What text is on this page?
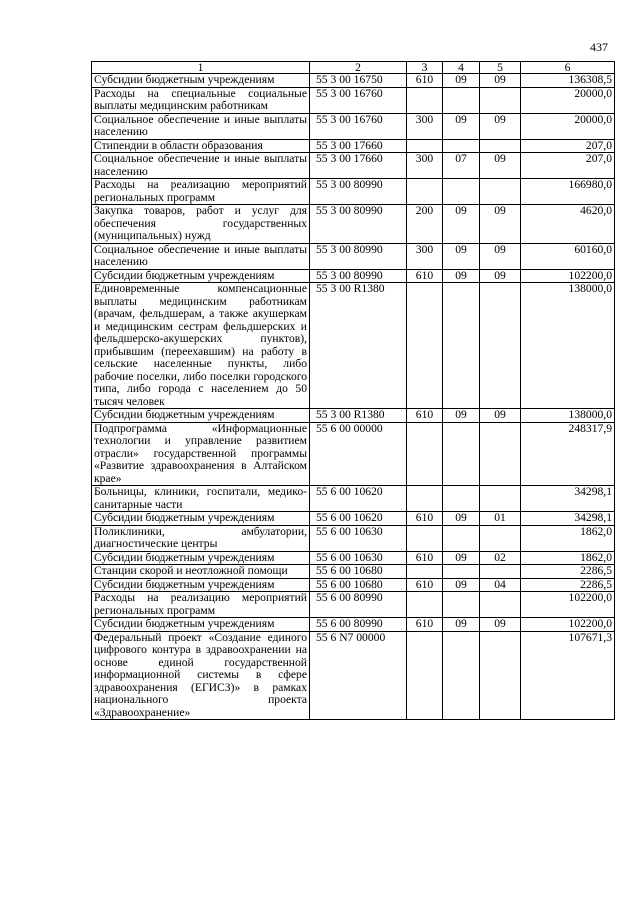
437
1	2	3	4	5	6
Субсидии бюджетным учреждениям	55 3 00 16750	610	09	09	136308,5
Расходы на специальные социальные выплаты медицинским работникам	55 3 00 16760				20000,0
Социальное обеспечение и иные выплаты населению	55 3 00 16760	300	09	09	20000,0
Стипендии в области образования	55 3 00 17660				207,0
Социальное обеспечение и иные выплаты населению	55 3 00 17660	300	07	09	207,0
Расходы на реализацию мероприятий региональных программ	55 3 00 80990				166980,0
Закупка товаров, работ и услуг для обеспечения государственных (муниципальных) нужд	55 3 00 80990	200	09	09	4620,0
Социальное обеспечение и иные выплаты населению	55 3 00 80990	300	09	09	60160,0
Субсидии бюджетным учреждениям	55 3 00 80990	610	09	09	102200,0
Единовременные компенсационные выплаты медицинским работникам (врачам, фельдшерам, а также акушеркам и медицинским сестрам фельдшерских и фельдшерско-акушерских пунктов), прибывшим (переехавшим) на работу в сельские населенные пункты, либо рабочие поселки, либо поселки городского типа, либо города с населением до 50 тысяч человек	55 3 00 R1380				138000,0
Субсидии бюджетным учреждениям	55 3 00 R1380	610	09	09	138000,0
Подпрограмма «Информационные технологии и управление развитием отрасли» государственной программы «Развитие здравоохранения в Алтайском крае»	55 6 00 00000				248317,9
Больницы, клиники, госпитали, медико-санитарные части	55 6 00 10620				34298,1
Субсидии бюджетным учреждениям	55 6 00 10620	610	09	01	34298,1
Поликлиники, амбулатории, диагностические центры	55 6 00 10630				1862,0
Субсидии бюджетным учреждениям	55 6 00 10630	610	09	02	1862,0
Станции скорой и неотложной помощи	55 6 00 10680				2286,5
Субсидии бюджетным учреждениям	55 6 00 10680	610	09	04	2286,5
Расходы на реализацию мероприятий региональных программ	55 6 00 80990				102200,0
Субсидии бюджетным учреждениям	55 6 00 80990	610	09	09	102200,0
Федеральный проект «Создание единого цифрового контура в здравоохранении на основе единой государственной информационной системы в сфере здравоохранения (ЕГИСЗ)» в рамках национального проекта «Здравоохранение»	55 6 N7 00000				107671,3
